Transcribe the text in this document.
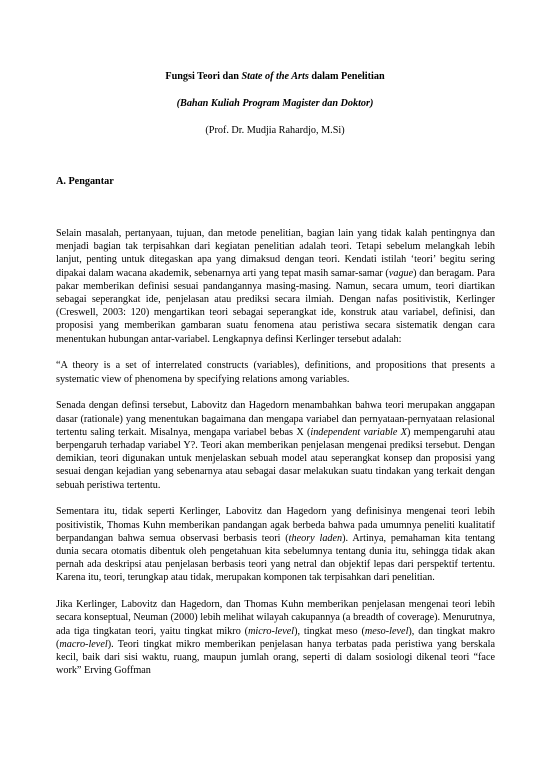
Fungsi Teori dan State of the Arts dalam Penelitian
(Bahan Kuliah Program Magister dan Doktor)
(Prof. Dr. Mudjia Rahardjo, M.Si)
A. Pengantar

Selain masalah, pertanyaan, tujuan, dan metode penelitian, bagian lain yang tidak kalah pentingnya dan menjadi bagian tak terpisahkan dari kegiatan penelitian adalah teori. Tetapi sebelum melangkah lebih lanjut, penting untuk ditegaskan apa yang dimaksud dengan teori. Kendati istilah ‘teori’ begitu sering dipakai dalam wacana akademik, sebenarnya arti yang tepat masih samar-samar (vague) dan beragam. Para pakar memberikan definisi sesuai pandangannya masing-masing. Namun, secara umum, teori diartikan sebagai seperangkat ide, penjelasan atau prediksi secara ilmiah. Dengan nafas positivistik, Kerlinger (Creswell, 2003: 120) mengartikan teori sebagai seperangkat ide, konstruk atau variabel, definisi, dan proposisi yang memberikan gambaran suatu fenomena atau peristiwa secara sistematik dengan cara menentukan hubungan antar-variabel. Lengkapnya definsi Kerlinger tersebut adalah:

“A theory is a set of interrelated constructs (variables), definitions, and propositions that presents a systematic view of phenomena by specifying relations among variables.

Senada dengan definsi tersebut, Labovitz dan Hagedorn menambahkan bahwa teori merupakan anggapan dasar (rationale) yang menentukan bagaimana dan mengapa variabel dan pernyataan-pernyataan relasional tertentu saling terkait. Misalnya, mengapa variabel bebas X (independent variable X) mempengaruhi atau berpengaruh terhadap variabel Y?. Teori akan memberikan penjelasan mengenai prediksi tersebut. Dengan demikian, teori digunakan untuk menjelaskan sebuah model atau seperangkat konsep dan proposisi yang sesuai dengan kejadian yang sebenarnya atau sebagai dasar melakukan suatu tindakan yang terkait dengan sebuah peristiwa tertentu.

Sementara itu, tidak seperti Kerlinger, Labovitz dan Hagedorn yang definisinya mengenai teori lebih positivistik, Thomas Kuhn memberikan pandangan agak berbeda bahwa pada umumnya peneliti kualitatif berpandangan bahwa semua observasi berbasis teori (theory laden). Artinya, pemahaman kita tentang dunia secara otomatis dibentuk oleh pengetahuan kita sebelumnya tentang dunia itu, sehingga tidak akan pernah ada deskripsi atau penjelasan berbasis teori yang netral dan objektif lepas dari perspektif tertentu. Karena itu, teori, terungkap atau tidak, merupakan komponen tak terpisahkan dari penelitian.

Jika Kerlinger, Labovitz dan Hagedorn, dan Thomas Kuhn memberikan penjelasan mengenai teori lebih secara konseptual, Neuman (2000) lebih melihat wilayah cakupannya (a breadth of coverage). Menurutnya, ada tiga tingkatan teori, yaitu tingkat mikro (micro-level), tingkat meso (meso-level), dan tingkat makro (macro-level). Teori tingkat mikro memberikan penjelasan hanya terbatas pada peristiwa yang berskala kecil, baik dari sisi waktu, ruang, maupun jumlah orang, seperti di dalam sosiologi dikenal teori “face work” Erving Goffman
